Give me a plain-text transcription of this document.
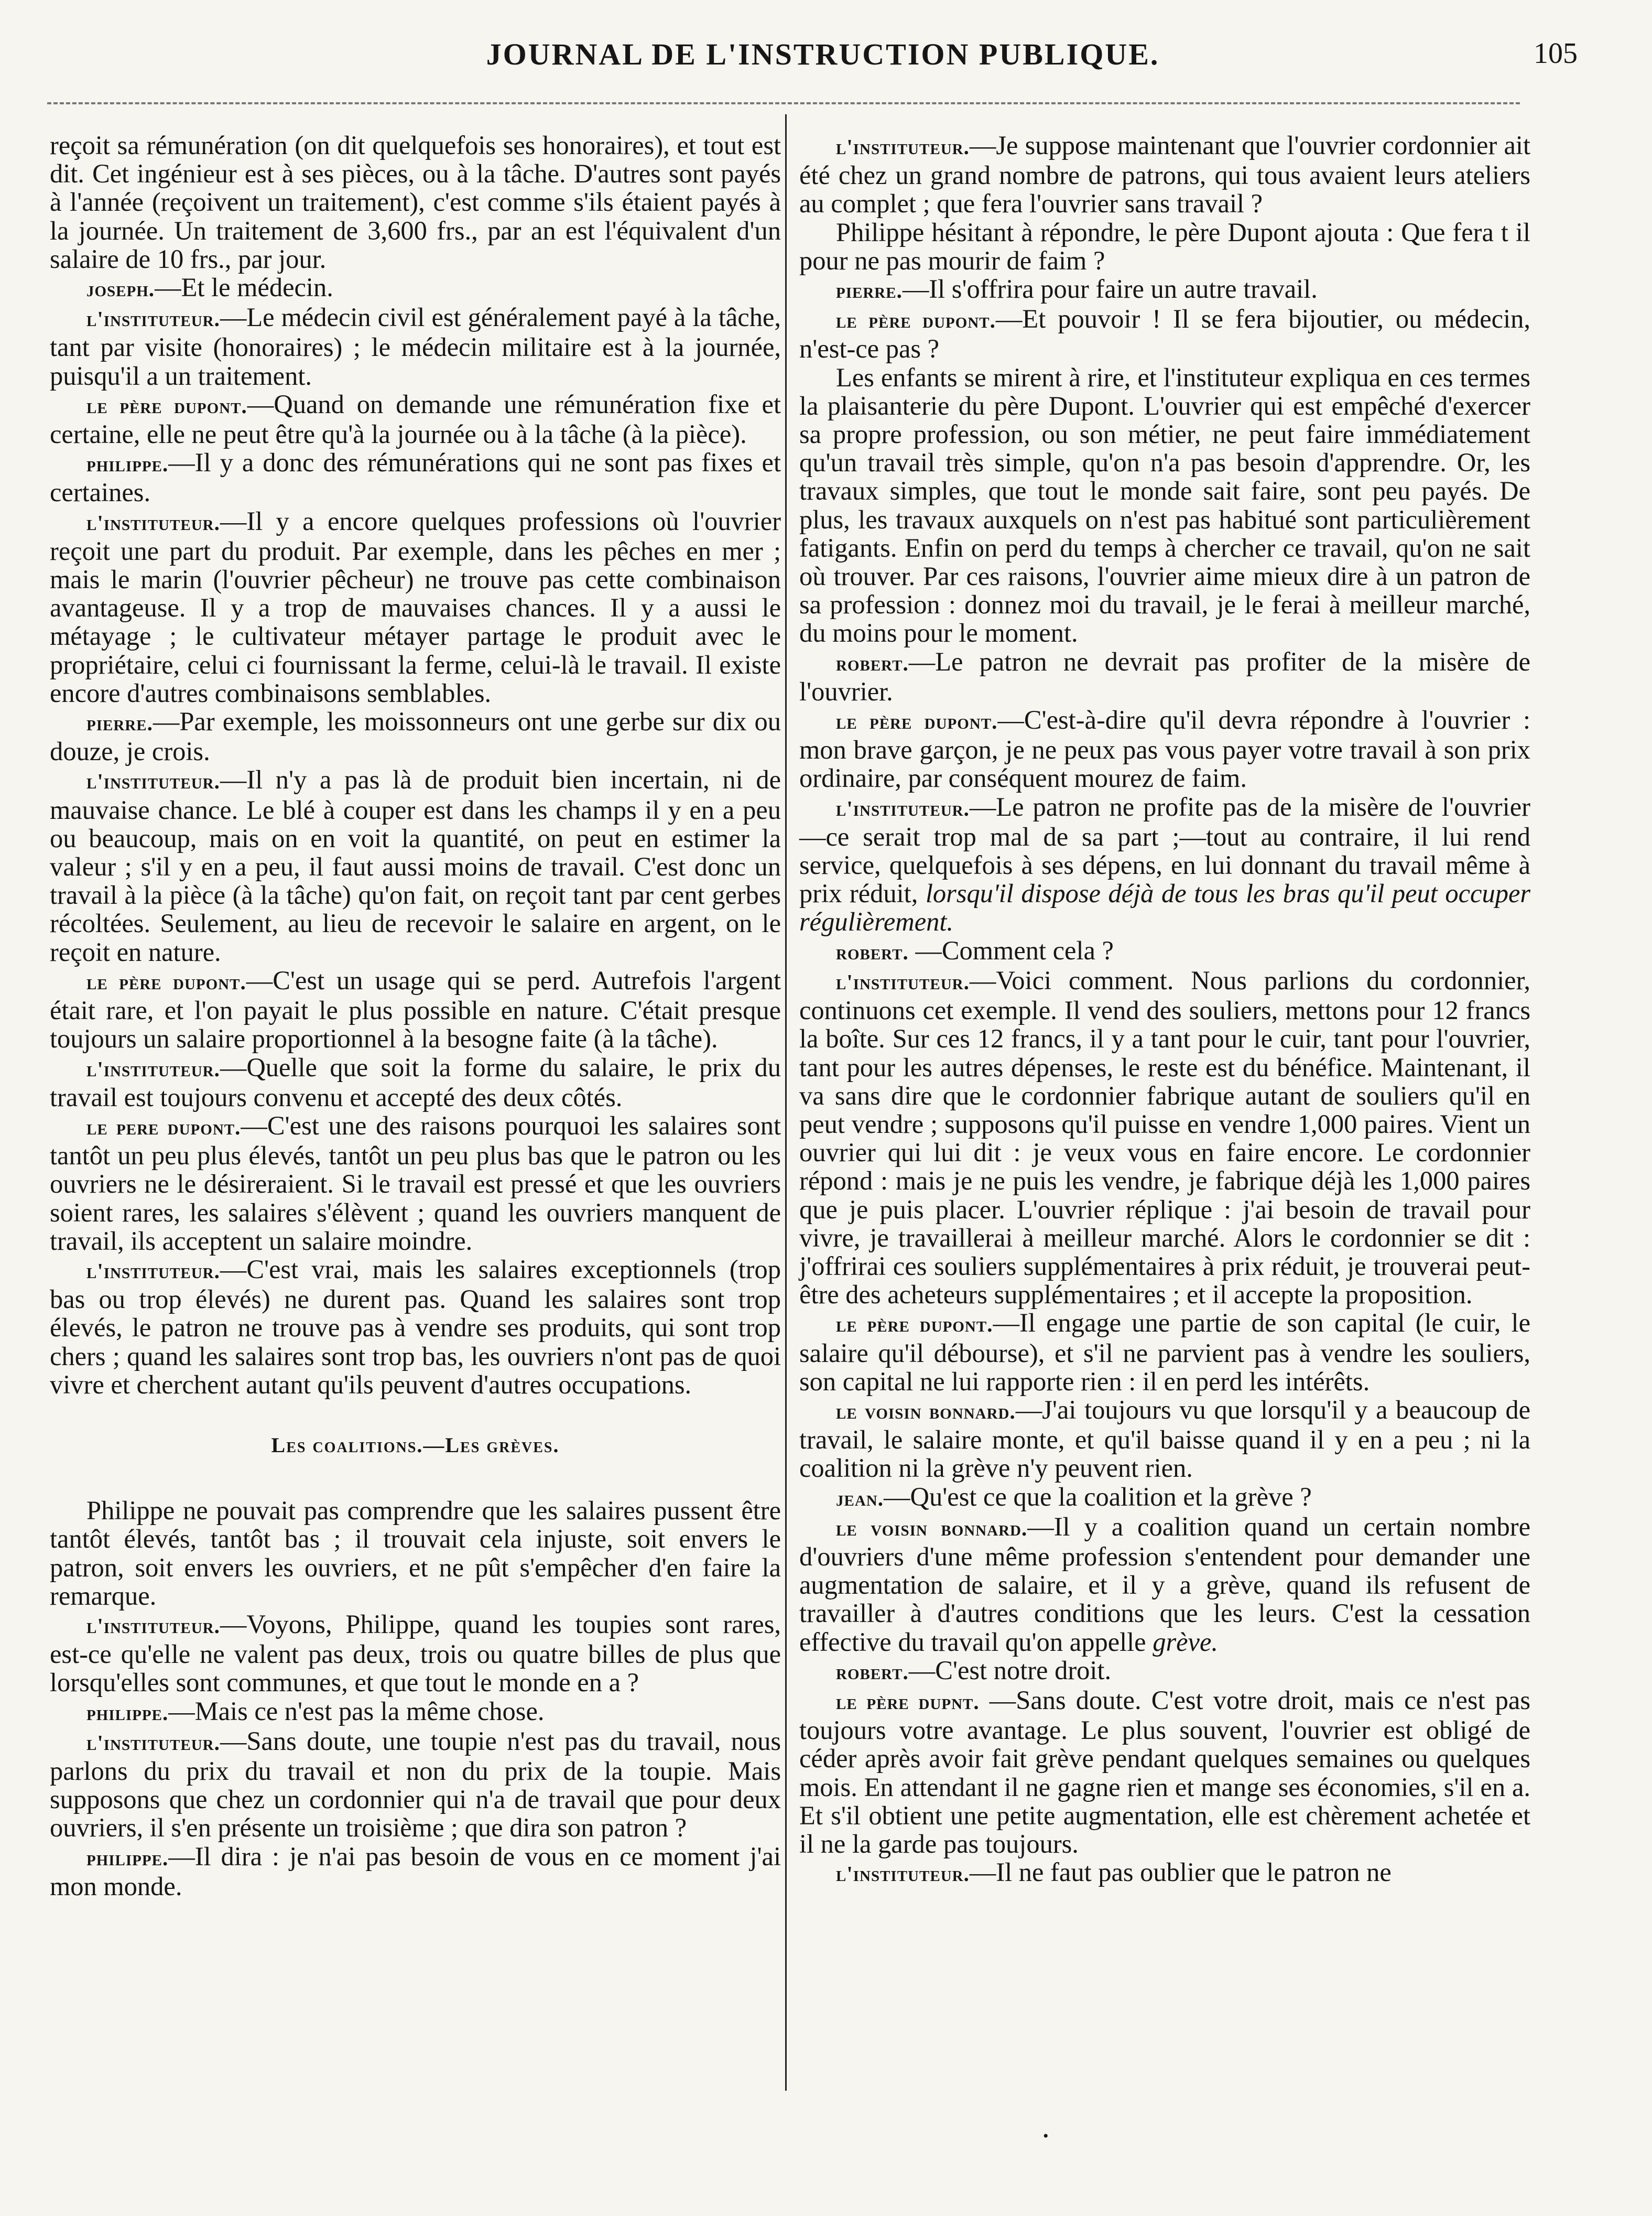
JOURNAL DE L'INSTRUCTION PUBLIQUE.	105

reçoit sa rémunération (on dit quelquefois ses honoraires), et tout est dit. Cet ingénieur est à ses pièces, ou à la tâche. D'autres sont payés à l'année (reçoivent un traitement), c'est comme s'ils étaient payés à la journée. Un traitement de 3,600 frs., par an est l'équivalent d'un salaire de 10 frs., par jour.

joseph.—Et le médecin.

l'instituteur.—Le médecin civil est généralement payé à la tâche, tant par visite (honoraires) ; le médecin militaire est à la journée, puisqu'il a un traitement.

le père dupont.—Quand on demande une rémunération fixe et certaine, elle ne peut être qu'à la journée ou à la tâche (à la pièce).

philippe.—Il y a donc des rémunérations qui ne sont pas fixes et certaines.

l'instituteur.—Il y a encore quelques professions où l'ouvrier reçoit une part du produit. Par exemple, dans les pêches en mer ; mais le marin (l'ouvrier pêcheur) ne trouve pas cette combinaison avantageuse. Il y a trop de mauvaises chances. Il y a aussi le métayage ; le cultivateur métayer partage le produit avec le propriétaire, celui ci fournissant la ferme, celui-là le travail. Il existe encore d'autres combinaisons semblables.

pierre.—Par exemple, les moissonneurs ont une gerbe sur dix ou douze, je crois.

l'instituteur.—Il n'y a pas là de produit bien incertain, ni de mauvaise chance. Le blé à couper est dans les champs il y en a peu ou beaucoup, mais on en voit la quantité, on peut en estimer la valeur ; s'il y en a peu, il faut aussi moins de travail. C'est donc un travail à la pièce (à la tâche) qu'on fait, on reçoit tant par cent gerbes récoltées. Seulement, au lieu de recevoir le salaire en argent, on le reçoit en nature.

le père dupont.—C'est un usage qui se perd. Autrefois l'argent était rare, et l'on payait le plus possible en nature. C'était presque toujours un salaire proportionnel à la besogne faite (à la tâche).

l'instituteur.—Quelle que soit la forme du salaire, le prix du travail est toujours convenu et accepté des deux côtés.

le pere dupont.—C'est une des raisons pourquoi les salaires sont tantôt un peu plus élevés, tantôt un peu plus bas que le patron ou les ouvriers ne le désireraient. Si le travail est pressé et que les ouvriers soient rares, les salaires s'élèvent ; quand les ouvriers manquent de travail, ils acceptent un salaire moindre.

l'instituteur.—C'est vrai, mais les salaires exceptionnels (trop bas ou trop élevés) ne durent pas. Quand les salaires sont trop élevés, le patron ne trouve pas à vendre ses produits, qui sont trop chers ; quand les salaires sont trop bas, les ouvriers n'ont pas de quoi vivre et cherchent autant qu'ils peuvent d'autres occupations.

Les coalitions.—Les grèves.

Philippe ne pouvait pas comprendre que les salaires pussent être tantôt élevés, tantôt bas ; il trouvait cela injuste, soit envers le patron, soit envers les ouvriers, et ne pût s'empêcher d'en faire la remarque.

l'instituteur.—Voyons, Philippe, quand les toupies sont rares, est-ce qu'elle ne valent pas deux, trois ou quatre billes de plus que lorsqu'elles sont communes, et que tout le monde en a ?

philippe.—Mais ce n'est pas la même chose.

l'instituteur.—Sans doute, une toupie n'est pas du travail, nous parlons du prix du travail et non du prix de la toupie. Mais supposons que chez un cordonnier qui n'a de travail que pour deux ouvriers, il s'en présente un troisième ; que dira son patron ?

philippe.—Il dira : je n'ai pas besoin de vous en ce moment j'ai mon monde.

l'instituteur.—Je suppose maintenant que l'ouvrier cordonnier ait été chez un grand nombre de patrons, qui tous avaient leurs ateliers au complet ; que fera l'ouvrier sans travail ?

Philippe hésitant à répondre, le père Dupont ajouta : Que fera t il pour ne pas mourir de faim ?

pierre.—Il s'offrira pour faire un autre travail.

le père dupont.—Et pouvoir ! Il se fera bijoutier, ou médecin, n'est-ce pas ?

Les enfants se mirent à rire, et l'instituteur expliqua en ces termes la plaisanterie du père Dupont. L'ouvrier qui est empêché d'exercer sa propre profession, ou son métier, ne peut faire immédiatement qu'un travail très simple, qu'on n'a pas besoin d'apprendre. Or, les travaux simples, que tout le monde sait faire, sont peu payés. De plus, les travaux auxquels on n'est pas habitué sont particulièrement fatigants. Enfin on perd du temps à chercher ce travail, qu'on ne sait où trouver. Par ces raisons, l'ouvrier aime mieux dire à un patron de sa profession : donnez moi du travail, je le ferai à meilleur marché, du moins pour le moment.

robert.—Le patron ne devrait pas profiter de la misère de l'ouvrier.

le père dupont.—C'est-à-dire qu'il devra répondre à l'ouvrier : mon brave garçon, je ne peux pas vous payer votre travail à son prix ordinaire, par conséquent mourez de faim.

l'instituteur.—Le patron ne profite pas de la misère de l'ouvrier—ce serait trop mal de sa part ;—tout au contraire, il lui rend service, quelquefois à ses dépens, en lui donnant du travail même à prix réduit, lorsqu'il dispose déjà de tous les bras qu'il peut occuper régulièrement.

robert. —Comment cela ?

l'instituteur.—Voici comment. Nous parlions du cordonnier, continuons cet exemple. Il vend des souliers, mettons pour 12 francs la boîte. Sur ces 12 francs, il y a tant pour le cuir, tant pour l'ouvrier, tant pour les autres dépenses, le reste est du bénéfice. Maintenant, il va sans dire que le cordonnier fabrique autant de souliers qu'il en peut vendre ; supposons qu'il puisse en vendre 1,000 paires. Vient un ouvrier qui lui dit : je veux vous en faire encore. Le cordonnier répond : mais je ne puis les vendre, je fabrique déjà les 1,000 paires que je puis placer. L'ouvrier réplique : j'ai besoin de travail pour vivre, je travaillerai à meilleur marché. Alors le cordonnier se dit : j'offrirai ces souliers supplémentaires à prix réduit, je trouverai peut-être des acheteurs supplémentaires ; et il accepte la proposition.

le père dupont.—Il engage une partie de son capital (le cuir, le salaire qu'il débourse), et s'il ne parvient pas à vendre les souliers, son capital ne lui rapporte rien : il en perd les intérêts.

le voisin bonnard.—J'ai toujours vu que lorsqu'il y a beaucoup de travail, le salaire monte, et qu'il baisse quand il y en a peu ; ni la coalition ni la grève n'y peuvent rien.

jean.—Qu'est ce que la coalition et la grève ?

le voisin bonnard.—Il y a coalition quand un certain nombre d'ouvriers d'une même profession s'entendent pour demander une augmentation de salaire, et il y a grève, quand ils refusent de travailler à d'autres conditions que les leurs. C'est la cessation effective du travail qu'on appelle grève.

robert.—C'est notre droit.

le père dupnt. —Sans doute. C'est votre droit, mais ce n'est pas toujours votre avantage. Le plus souvent, l'ouvrier est obligé de céder après avoir fait grève pendant quelques semaines ou quelques mois. En attendant il ne gagne rien et mange ses économies, s'il en a. Et s'il obtient une petite augmentation, elle est chèrement achetée et il ne la garde pas toujours.

l'instituteur.—Il ne faut pas oublier que le patron ne

•
